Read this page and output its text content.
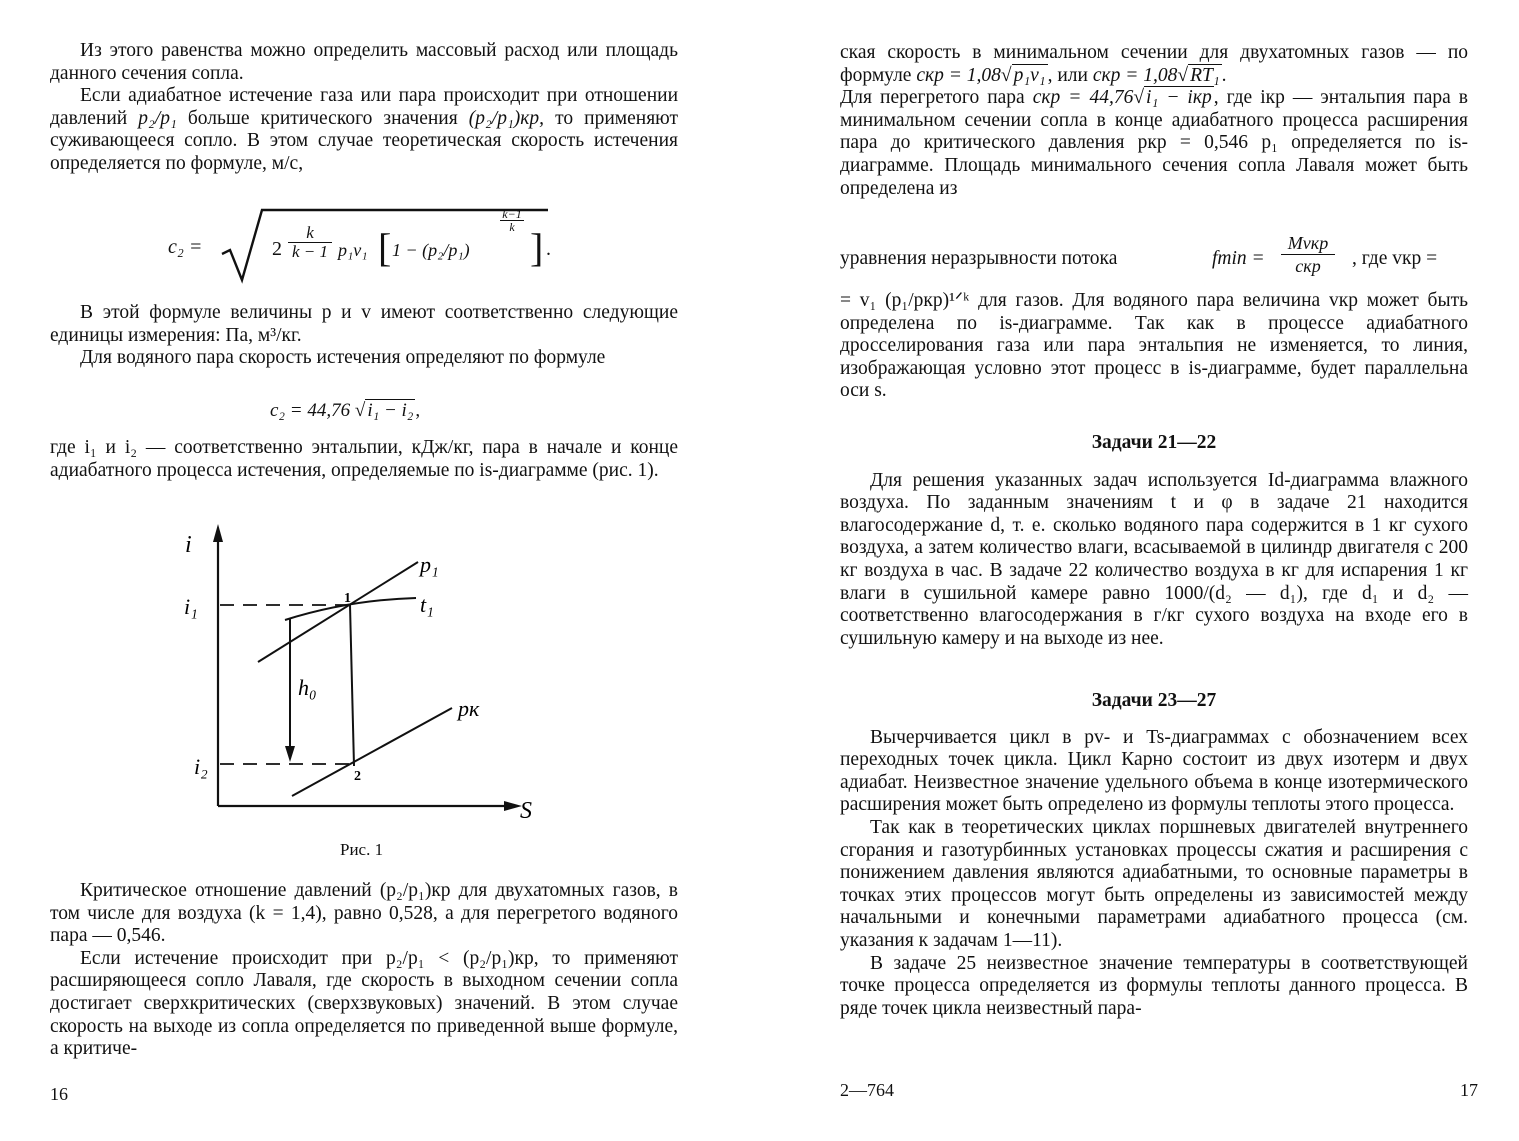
Из этого равенства можно определить массовый расход или площадь данного сечения сопла.

Если адиабатное истечение газа или пара происходит при отношении давлений p₂/p₁ больше критического значения (p₂/p₁)кр, то применяют суживающееся сопло. В этом случае теоретическая скорость истечения определяется по формуле, м/с,

c₂ =	2
k
k − 1 p₁v₁ [ 1 − (p₂/p₁)
k−1
k ] .

В этой формуле величины p и v имеют соответственно следующие единицы измерения: Па, м³/кг.

Для водяного пара скорость истечения определяют по формуле

c₂ = 44,76 √ i₁ − i₂ ,

где i₁ и i₂ — соответственно энтальпии, кДж/кг, пара в начале и конце адиабатного процесса истечения, определяемые по is-диаграмме (рис. 1).

i
S
i₁
i₂
p₁
t₁
pк
1
2
h₀
Рис. 1

Критическое отношение давлений (p₂/p₁)кр для двухатомных газов, в том числе для воздуха (k = 1,4), равно 0,528, а для перегретого водяного пара — 0,546.

Если истечение происходит при p₂/p₁ < (p₂/p₁)кр, то применяют расширяющееся сопло Лаваля, где скорость в выходном сечении сопла достигает сверхкритических (сверхзвуковых) значений. В этом случае скорость на выходе из сопла определяется по приведенной выше формуле, а критиче-

16

ская скорость в минимальном сечении для двухатомных газов — по формуле cкр = 1,08√ p₁v₁ , или cкр = 1,08√ RT₁ .

Для перегретого пара cкр = 44,76√ i₁ − iкр , где iкр — энтальпия пара в минимальном сечении сопла в конце адиабатного процесса расширения пара до критического давления pкр = 0,546 p₁ определяется по is-диаграмме. Площадь минимального сечения сопла Лаваля может быть определена из

уравнения неразрывности потока	fmin =
Mvкр
cкр	, где vкр =

= v₁ (p₁/pкр)¹ᐟᵏ для газов. Для водяного пара величина vкр может быть определена по is-диаграмме. Так как в процессе адиабатного дросселирования газа или пара энтальпия не изменяется, то линия, изображающая условно этот процесс в is-диаграмме, будет параллельна оси s.

Задачи 21—22

Для решения указанных задач используется Id-диаграмма влажного воздуха. По заданным значениям t и φ в задаче 21 находится влагосодержание d, т. е. сколько водяного пара содержится в 1 кг сухого воздуха, а затем количество влаги, всасываемой в цилиндр двигателя с 200 кг воздуха в час. В задаче 22 количество воздуха в кг для испарения 1 кг влаги в сушильной камере равно 1000/(d₂ — d₁), где d₁ и d₂ — соответственно влагосодержания в г/кг сухого воздуха на входе его в сушильную камеру и на выходе из нее.

Задачи 23—27

Вычерчивается цикл в pv- и Ts-диаграммах с обозначением всех переходных точек цикла. Цикл Карно состоит из двух изотерм и двух адиабат. Неизвестное значение удельного объема в конце изотермического расширения может быть определено из формулы теплоты этого процесса.

Так как в теоретических циклах поршневых двигателей внутреннего сгорания и газотурбинных установках процессы сжатия и расширения с понижением давления являются адиабатными, то основные параметры в точках этих процессов могут быть определены из зависимостей между начальными и конечными параметрами адиабатного процесса (см. указания к задачам 1—11).

В задаче 25 неизвестное значение температуры в соответствующей точке процесса определяется из формулы теплоты данного процесса. В ряде точек цикла неизвестный пара-

2—764	17
